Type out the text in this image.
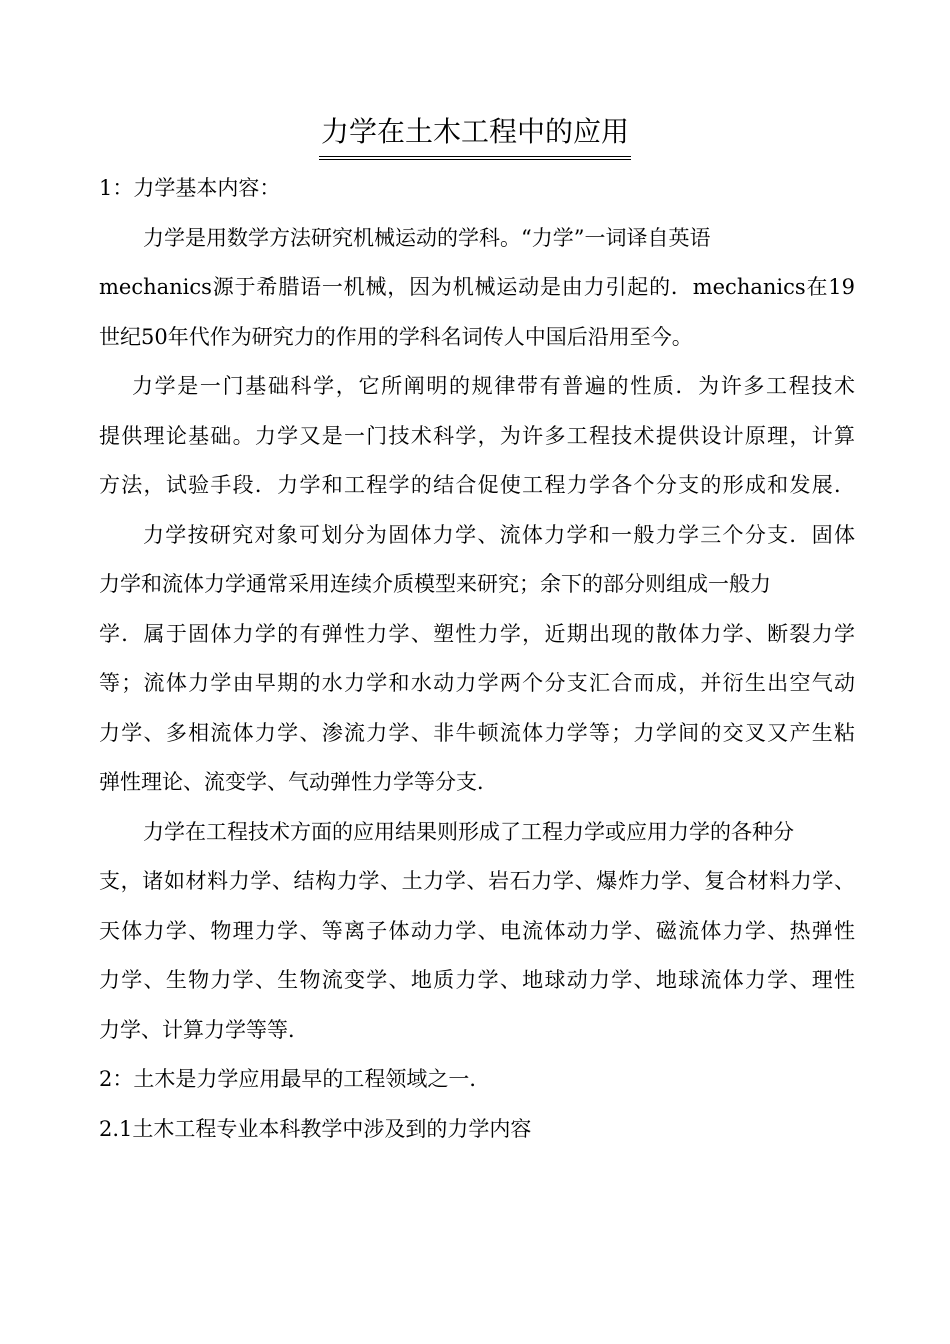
力学在土木工程中的应用
1：力学基本内容：
力学是用数学方法研究机械运动的学科。“力学”一词译自英语
mechanics源于希腊语一机械，因为机械运动是由力引起的．mechanics在19
世纪50年代作为研究力的作用的学科名词传人中国后沿用至今。
力学是一门基础科学，它所阐明的规律带有普遍的性质．为许多工程技术
提供理论基础。力学又是一门技术科学，为许多工程技术提供设计原理，计算
方法，试验手段．力学和工程学的结合促使工程力学各个分支的形成和发展．
力学按研究对象可划分为固体力学、流体力学和一般力学三个分支．固体
力学和流体力学通常采用连续介质模型来研究；余下的部分则组成一般力
学．属于固体力学的有弹性力学、塑性力学，近期出现的散体力学、断裂力学
等；流体力学由早期的水力学和水动力学两个分支汇合而成，并衍生出空气动
力学、多相流体力学、渗流力学、非牛顿流体力学等；力学间的交叉又产生粘
弹性理论、流变学、气动弹性力学等分支．
力学在工程技术方面的应用结果则形成了工程力学或应用力学的各种分
支，诸如材料力学、结构力学、土力学、岩石力学、爆炸力学、复合材料力学、
天体力学、物理力学、等离子体动力学、电流体动力学、磁流体力学、热弹性
力学、生物力学、生物流变学、地质力学、地球动力学、地球流体力学、理性
力学、计算力学等等．
2：土木是力学应用最早的工程领域之一．
2.1土木工程专业本科教学中涉及到的力学内容
